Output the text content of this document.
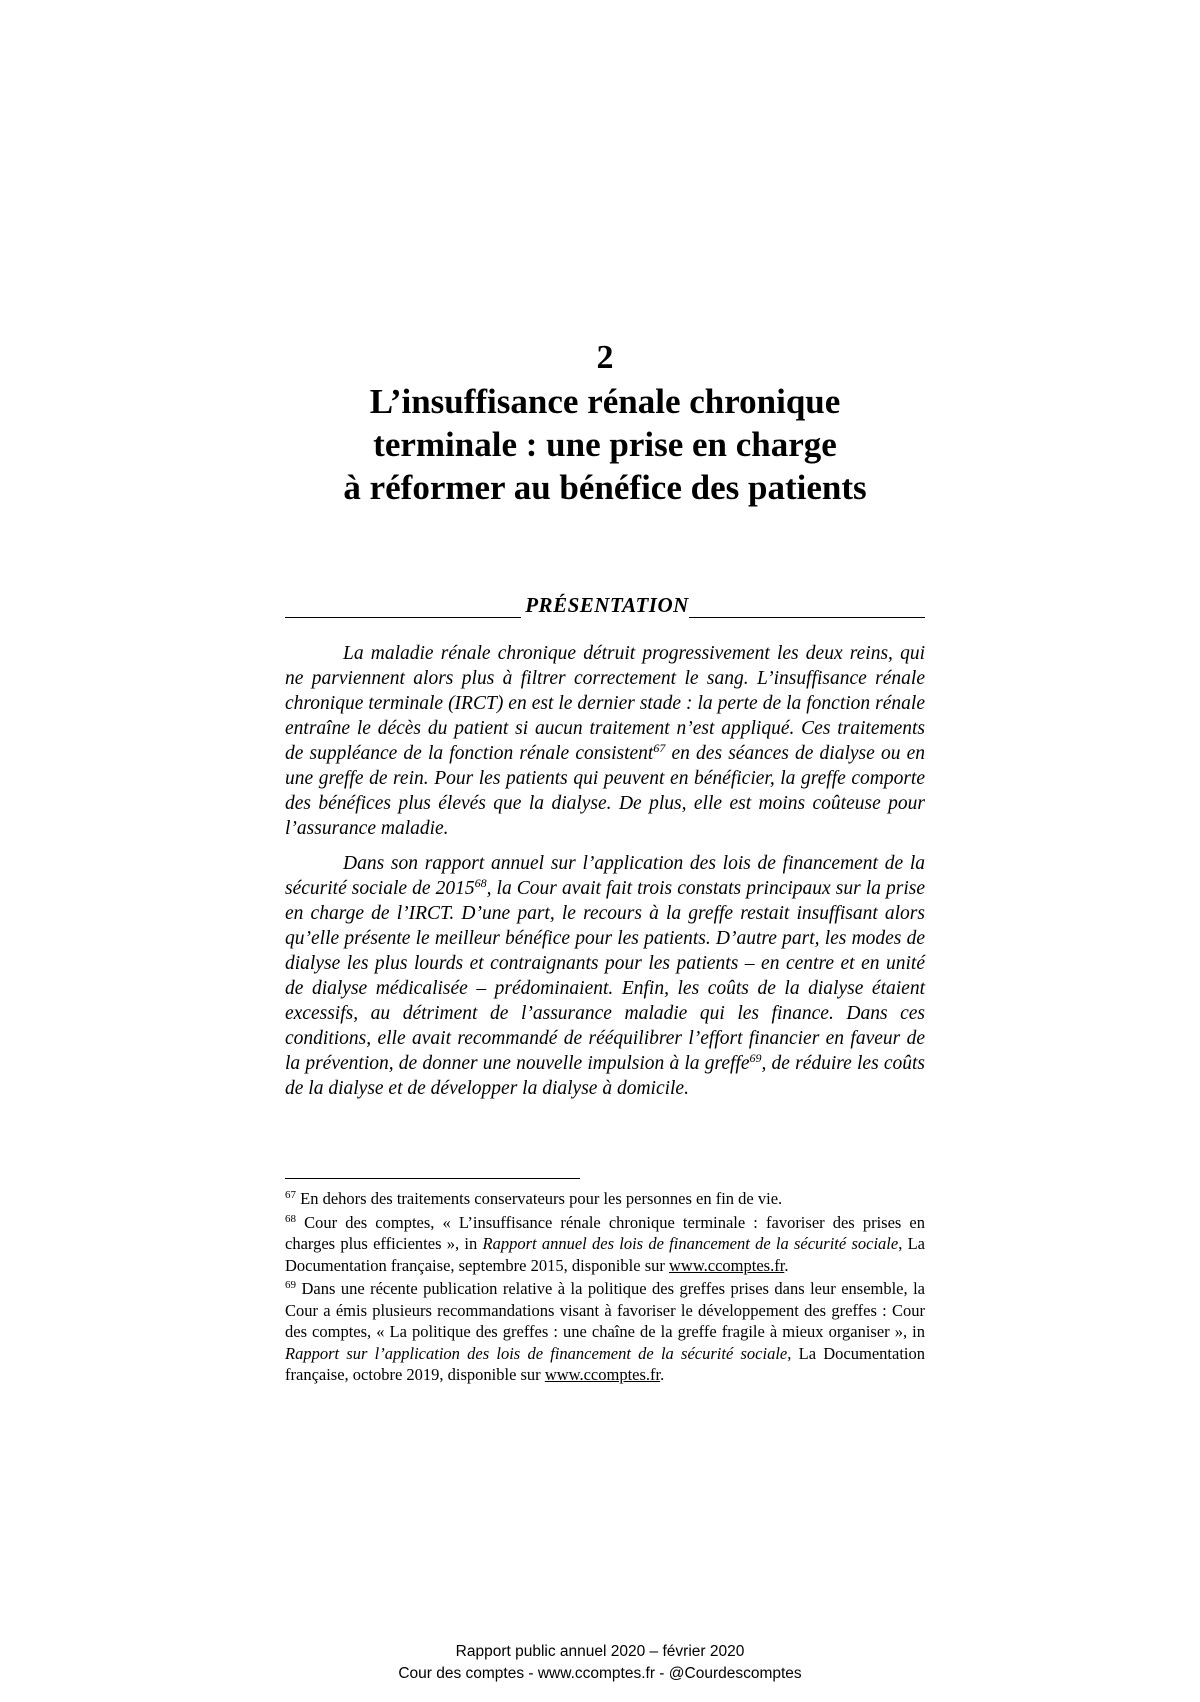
2

L’insuffisance rénale chronique

terminale : une prise en charge

à réformer au bénéfice des patients

PRÉSENTATION

La maladie rénale chronique détruit progressivement les deux reins, qui ne parviennent alors plus à filtrer correctement le sang. L’insuffisance rénale chronique terminale (IRCT) en est le dernier stade : la perte de la fonction rénale entraîne le décès du patient si aucun traitement n’est appliqué. Ces traitements de suppléance de la fonction rénale consistent$^{67}$ en des séances de dialyse ou en une greffe de rein. Pour les patients qui peuvent en bénéficier, la greffe comporte des bénéfices plus élevés que la dialyse. De plus, elle est moins coûteuse pour l’assurance maladie.

Dans son rapport annuel sur l’application des lois de financement de la sécurité sociale de 2015$^{68}$, la Cour avait fait trois constats principaux sur la prise en charge de l’IRCT. D’une part, le recours à la greffe restait insuffisant alors qu’elle présente le meilleur bénéfice pour les patients. D’autre part, les modes de dialyse les plus lourds et contraignants pour les patients – en centre et en unité de dialyse médicalisée – prédominaient. Enfin, les coûts de la dialyse étaient excessifs, au détriment de l’assurance maladie qui les finance. Dans ces conditions, elle avait recommandé de rééquilibrer l’effort financier en faveur de la prévention, de donner une nouvelle impulsion à la greffe$^{69}$, de réduire les coûts de la dialyse et de développer la dialyse à domicile.

$^{67}$ En dehors des traitements conservateurs pour les personnes en fin de vie.

$^{68}$ Cour des comptes, « L’insuffisance rénale chronique terminale : favoriser des prises en charges plus efficientes », in Rapport annuel des lois de financement de la sécurité sociale, La Documentation française, septembre 2015, disponible sur www.ccomptes.fr.

$^{69}$ Dans une récente publication relative à la politique des greffes prises dans leur ensemble, la Cour a émis plusieurs recommandations visant à favoriser le développement des greffes : Cour des comptes, « La politique des greffes : une chaîne de la greffe fragile à mieux organiser », in Rapport sur l’application des lois de financement de la sécurité sociale, La Documentation française, octobre 2019, disponible sur www.ccomptes.fr.

Rapport public annuel 2020 – février 2020
Cour des comptes - www.ccomptes.fr - @Courdescomptes
